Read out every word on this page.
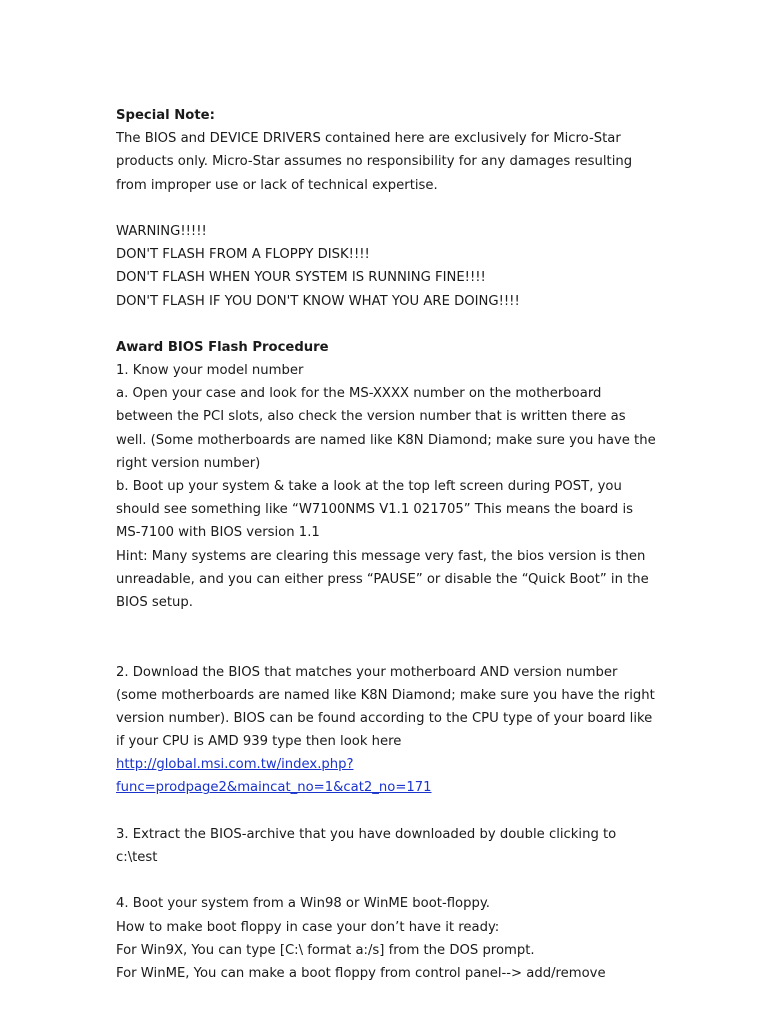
Special Note:
The BIOS and DEVICE DRIVERS contained here are exclusively for Micro-Star
products only. Micro-Star assumes no responsibility for any damages resulting
from improper use or lack of technical expertise.
WARNING!!!!!
DON'T FLASH FROM A FLOPPY DISK!!!!
DON'T FLASH WHEN YOUR SYSTEM IS RUNNING FINE!!!!
DON'T FLASH IF YOU DON'T KNOW WHAT YOU ARE DOING!!!!
Award BIOS Flash Procedure
1. Know your model number
a. Open your case and look for the MS-XXXX number on the motherboard
between the PCI slots, also check the version number that is written there as
well. (Some motherboards are named like K8N Diamond; make sure you have the
right version number)
b. Boot up your system & take a look at the top left screen during POST, you
should see something like “W7100NMS V1.1 021705” This means the board is
MS-7100 with BIOS version 1.1
Hint: Many systems are clearing this message very fast, the bios version is then
unreadable, and you can either press “PAUSE” or disable the “Quick Boot” in the
BIOS setup.
2. Download the BIOS that matches your motherboard AND version number
(some motherboards are named like K8N Diamond; make sure you have the right
version number). BIOS can be found according to the CPU type of your board like
if your CPU is AMD 939 type then look here
http://global.msi.com.tw/index.php?
func=prodpage2&maincat_no=1&cat2_no=171
3. Extract the BIOS-archive that you have downloaded by double clicking to
c:\test
4. Boot your system from a Win98 or WinME boot-floppy.
How to make boot floppy in case your don’t have it ready:
For Win9X, You can type [C:\ format a:/s] from the DOS prompt.
For WinME, You can make a boot floppy from control panel--> add/remove
